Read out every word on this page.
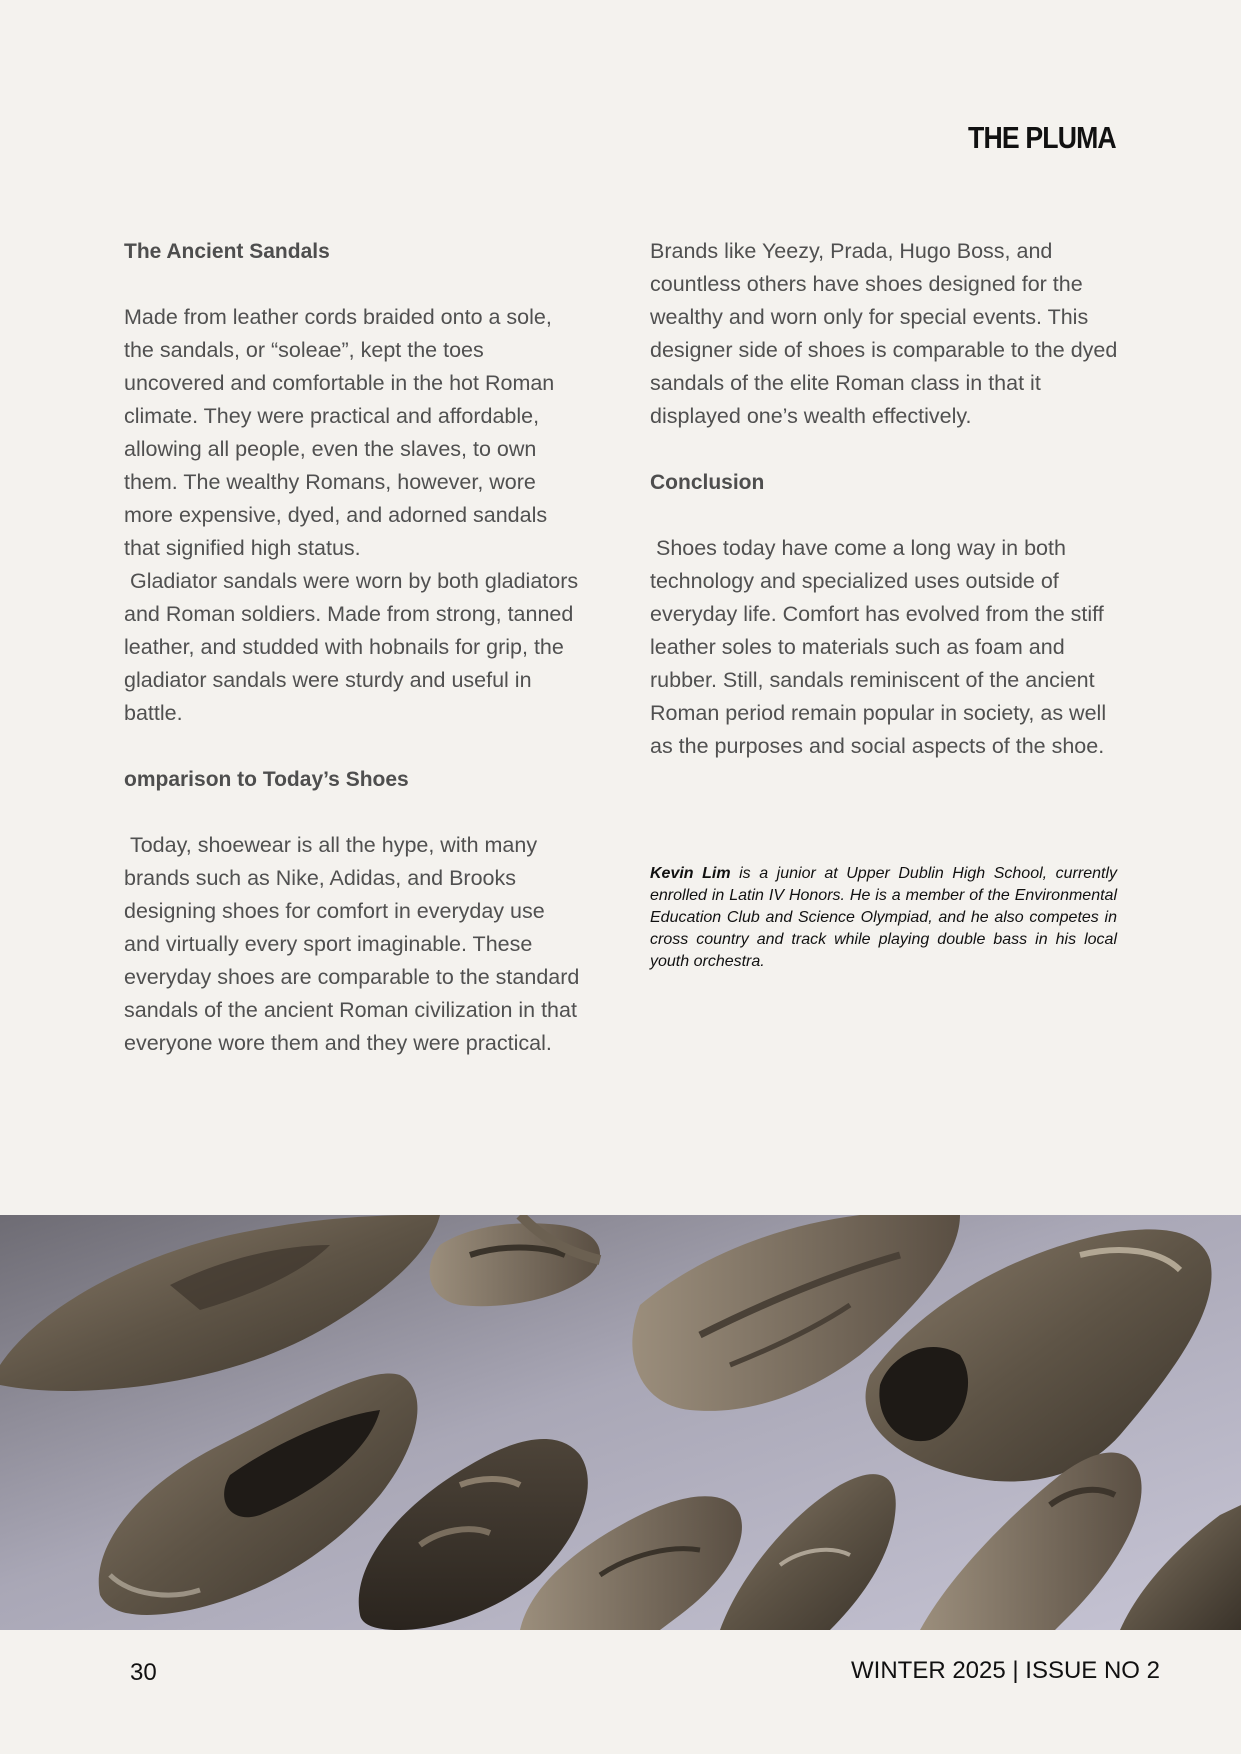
THE PLUMA

The Ancient Sandals

Made from leather cords braided onto a sole, the sandals, or “soleae”, kept the toes uncovered and comfortable in the hot Roman climate. They were practical and affordable, allowing all people, even the slaves, to own them. The wealthy Romans, however, wore more expensive, dyed, and adorned sandals that signified high status.

Gladiator sandals were worn by both gladiators and Roman soldiers. Made from strong, tanned leather, and studded with hobnails for grip, the gladiator sandals were sturdy and useful in battle.

omparison to Today’s Shoes

Today, shoewear is all the hype, with many brands such as Nike, Adidas, and Brooks designing shoes for comfort in everyday use and virtually every sport imaginable. These everyday shoes are comparable to the standard sandals of the ancient Roman civilization in that everyone wore them and they were practical.

Brands like Yeezy, Prada, Hugo Boss, and countless others have shoes designed for the wealthy and worn only for special events. This designer side of shoes is comparable to the dyed sandals of the elite Roman class in that it displayed one’s wealth effectively.

Conclusion

Shoes today have come a long way in both technology and specialized uses outside of everyday life. Comfort has evolved from the stiff leather soles to materials such as foam and rubber. Still, sandals reminiscent of the ancient Roman period remain popular in society, as well as the purposes and social aspects of the shoe.

Kevin Lim is a junior at Upper Dublin High School, currently enrolled in Latin IV Honors. He is a member of the Environmental Education Club and Science Olympiad, and he also competes in cross country and track while playing double bass in his local youth orchestra.
30	WINTER 2025 | ISSUE NO 2
